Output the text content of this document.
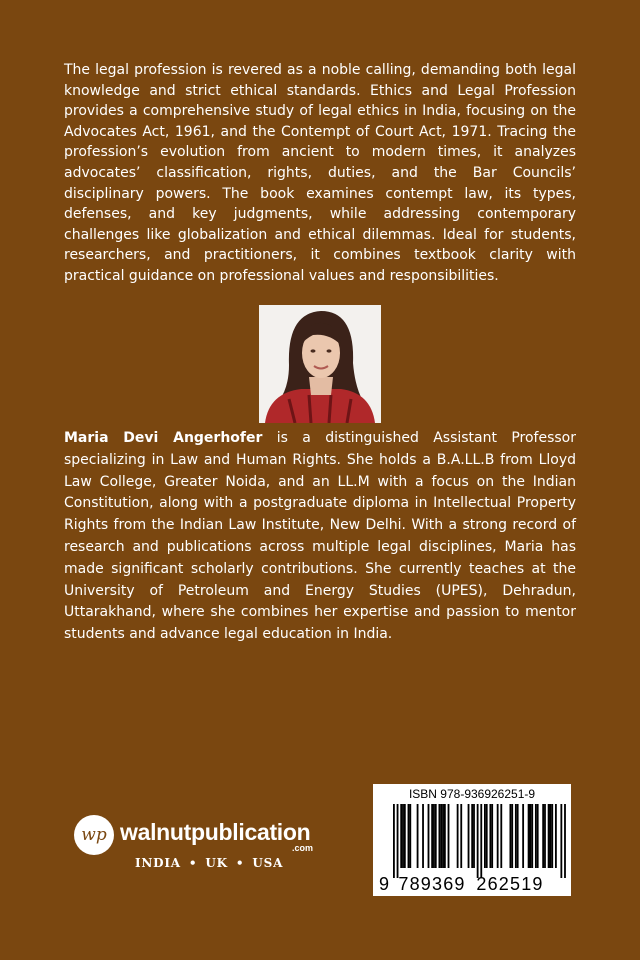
The legal profession is revered as a noble calling, demanding both legal knowledge and strict ethical standards. Ethics and Legal Profession provides a comprehensive study of legal ethics in India, focusing on the Advocates Act, 1961, and the Contempt of Court Act, 1971. Tracing the profession’s evolution from ancient to modern times, it analyzes advocates’ classification, rights, duties, and the Bar Councils’ disciplinary powers. The book examines contempt law, its types, defenses, and key judgments, while addressing contemporary challenges like globalization and ethical dilemmas. Ideal for students, researchers, and practitioners, it combines textbook clarity with practical guidance on professional values and responsibilities.

Maria Devi Angerhofer is a distinguished Assistant Professor specializing in Law and Human Rights. She holds a B.A.LL.B from Lloyd Law College, Greater Noida, and an LL.M with a focus on the Indian Constitution, along with a postgraduate diploma in Intellectual Property Rights from the Indian Law Institute, New Delhi. With a strong record of research and publications across multiple legal disciplines, Maria has made significant scholarly contributions. She currently teaches at the University of Petroleum and Energy Studies (UPES), Dehradun, Uttarakhand, where she combines her expertise and passion to mentor students and advance legal education in India.

wp walnutpublication
.com
INDIA • UK • USA
ISBN 978-936926251-9
9 789369 262519
